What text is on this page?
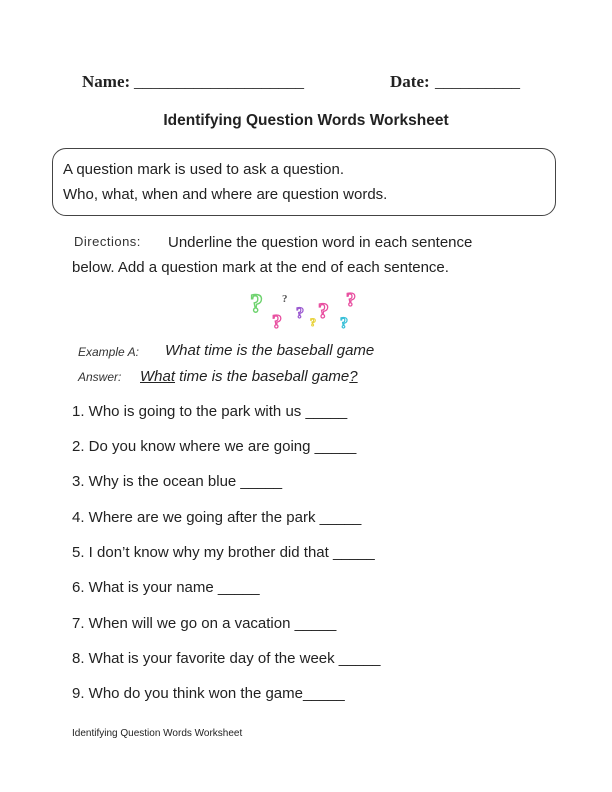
Name: ____________________	Date: __________
Identifying Question Words Worksheet
A question mark is used to ask a question.
Who, what, when and where are question words.
Directions: Underline the question word in each sentence
below. Add a question mark at the end of each sentence.
?
?
?
? ? ?
?
?
Example A: What time is the baseball game
Answer: What time is the baseball game?
1. Who is going to the park with us _____
2. Do you know where we are going _____
3. Why is the ocean blue _____
4. Where are we going after the park _____
5. I don’t know why my brother did that _____
6. What is your name _____
7. When will we go on a vacation _____
8. What is your favorite day of the week _____
9. Who do you think won the game_____
Identifying Question Words Worksheet
